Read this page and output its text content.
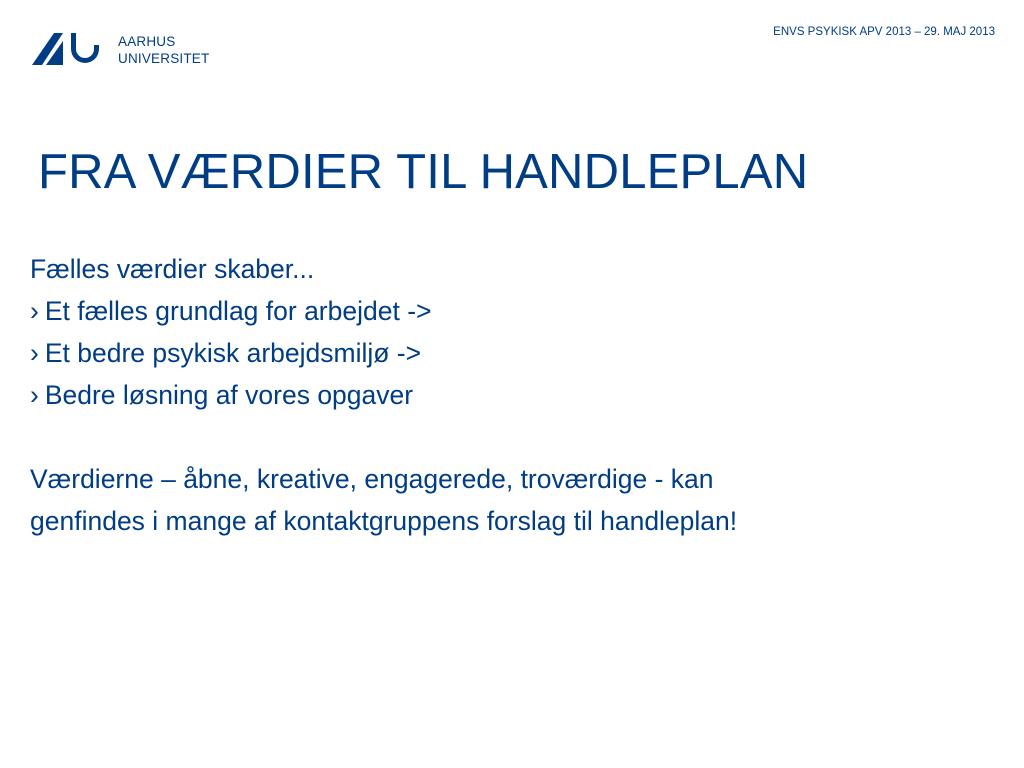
AARHUS
UNIVERSITET
ENVS PSYKISK APV 2013 – 29. MAJ 2013
FRA VÆRDIER TIL HANDLEPLAN
Fælles værdier skaber...
› Et fælles grundlag for arbejdet ->
› Et bedre psykisk arbejdsmiljø ->
› Bedre løsning af vores opgaver
Værdierne – åbne, kreative, engagerede, troværdige - kan
genfindes i mange af kontaktgruppens forslag til handleplan!
